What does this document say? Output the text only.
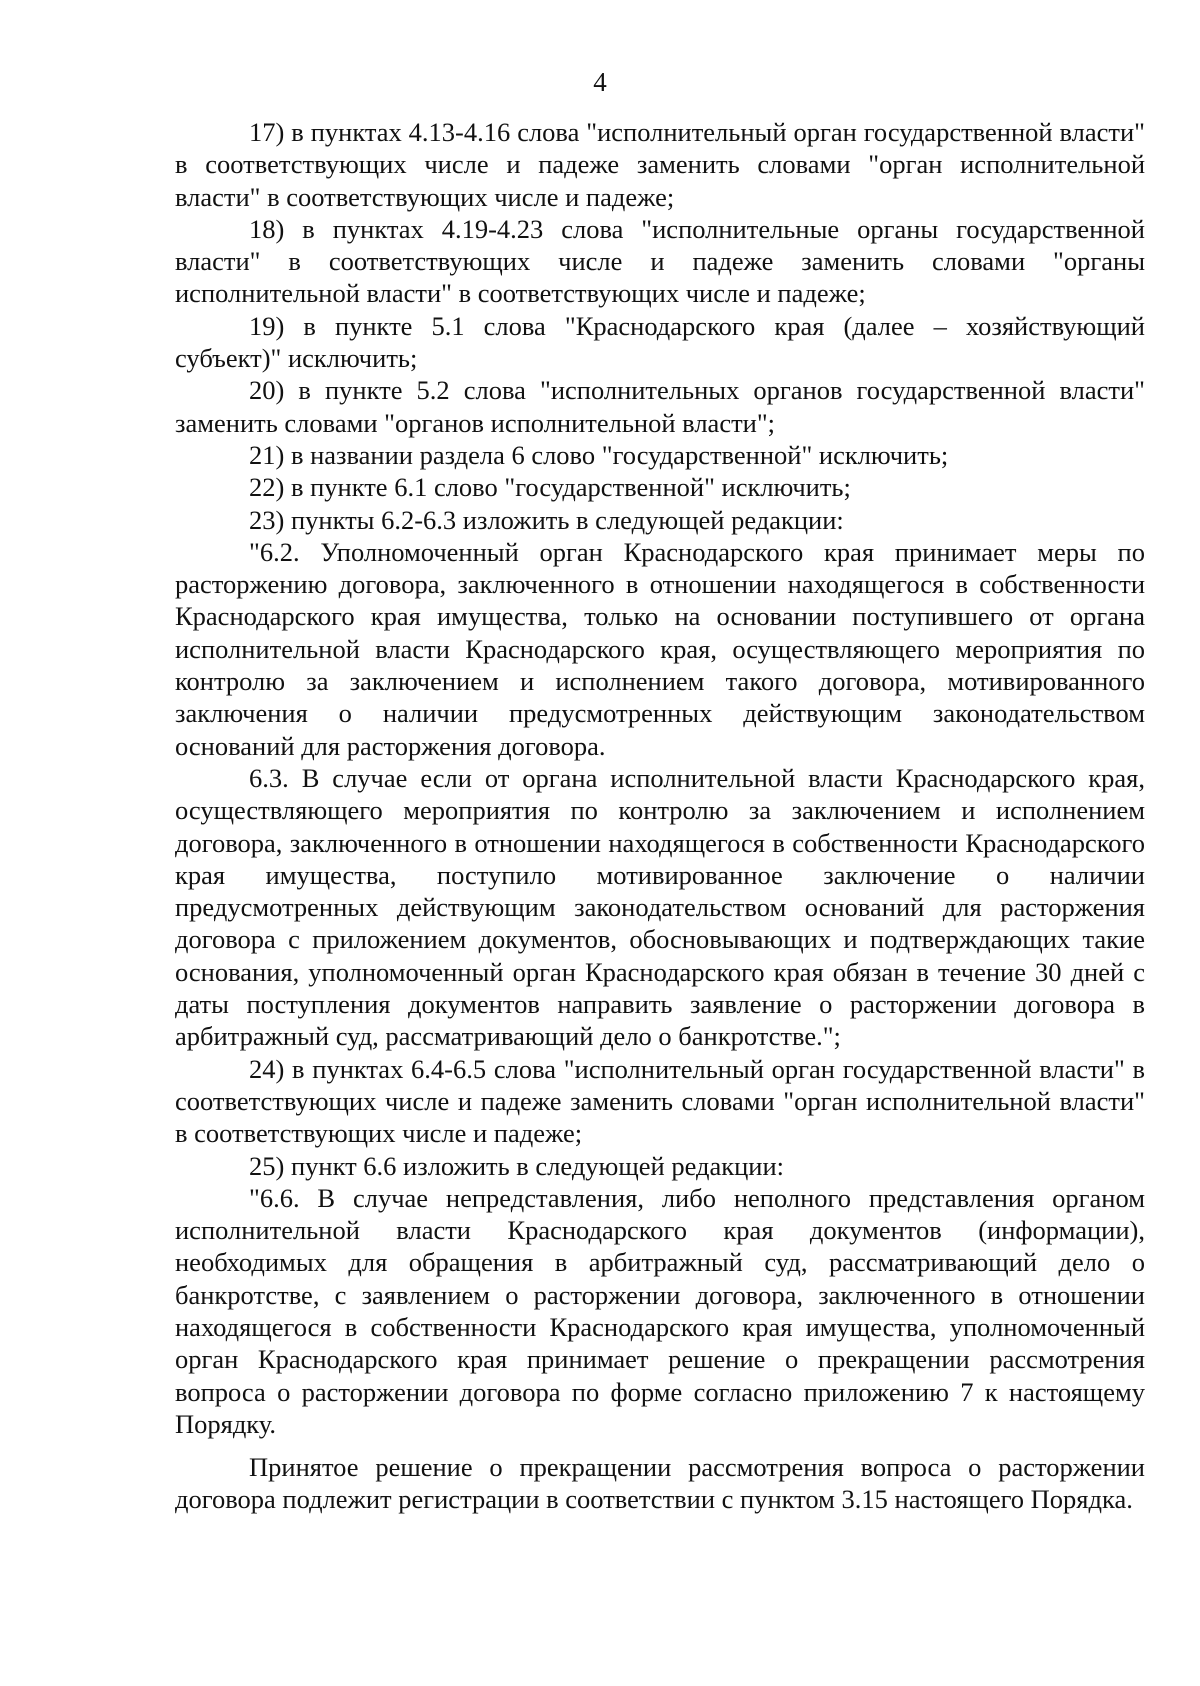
4

17) в пунктах 4.13-4.16 слова "исполнительный орган государственной власти" в соответствующих числе и падеже заменить словами "орган исполнительной власти" в соответствующих числе и падеже;

18) в пунктах 4.19-4.23 слова "исполнительные органы государственной власти" в соответствующих числе и падеже заменить словами "органы исполнительной власти" в соответствующих числе и падеже;

19) в пункте 5.1 слова "Краснодарского края (далее – хозяйствующий субъект)" исключить;

20) в пункте 5.2 слова "исполнительных органов государственной власти" заменить словами "органов исполнительной власти";

21) в названии раздела 6 слово "государственной" исключить;

22) в пункте 6.1 слово "государственной" исключить;

23) пункты 6.2-6.3 изложить в следующей редакции:

"6.2. Уполномоченный орган Краснодарского края принимает меры по расторжению договора, заключенного в отношении находящегося в собственности Краснодарского края имущества, только на основании поступившего от органа исполнительной власти Краснодарского края, осуществляющего мероприятия по контролю за заключением и исполнением такого договора, мотивированного заключения о наличии предусмотренных действующим законодательством оснований для расторжения договора.

6.3. В случае если от органа исполнительной власти Краснодарского края, осуществляющего мероприятия по контролю за заключением и исполнением договора, заключенного в отношении находящегося в собственности Краснодарского края имущества, поступило мотивированное заключение о наличии предусмотренных действующим законодательством оснований для расторжения договора с приложением документов, обосновывающих и подтверждающих такие основания, уполномоченный орган Краснодарского края обязан в течение 30 дней с даты поступления документов направить заявление о расторжении договора в арбитражный суд, рассматривающий дело о банкротстве.";

24) в пунктах 6.4-6.5 слова "исполнительный орган государственной власти" в соответствующих числе и падеже заменить словами "орган исполнительной власти" в соответствующих числе и падеже;

25) пункт 6.6 изложить в следующей редакции:

"6.6. В случае непредставления, либо неполного представления органом исполнительной власти Краснодарского края документов (информации), необходимых для обращения в арбитражный суд, рассматривающий дело о банкротстве, с заявлением о расторжении договора, заключенного в отношении находящегося в собственности Краснодарского края имущества, уполномоченный орган Краснодарского края принимает решение о прекращении рассмотрения вопроса о расторжении договора по форме согласно приложению 7 к настоящему Порядку.

Принятое решение о прекращении рассмотрения вопроса о расторжении договора подлежит регистрации в соответствии с пунктом 3.15 настоящего Порядка.
